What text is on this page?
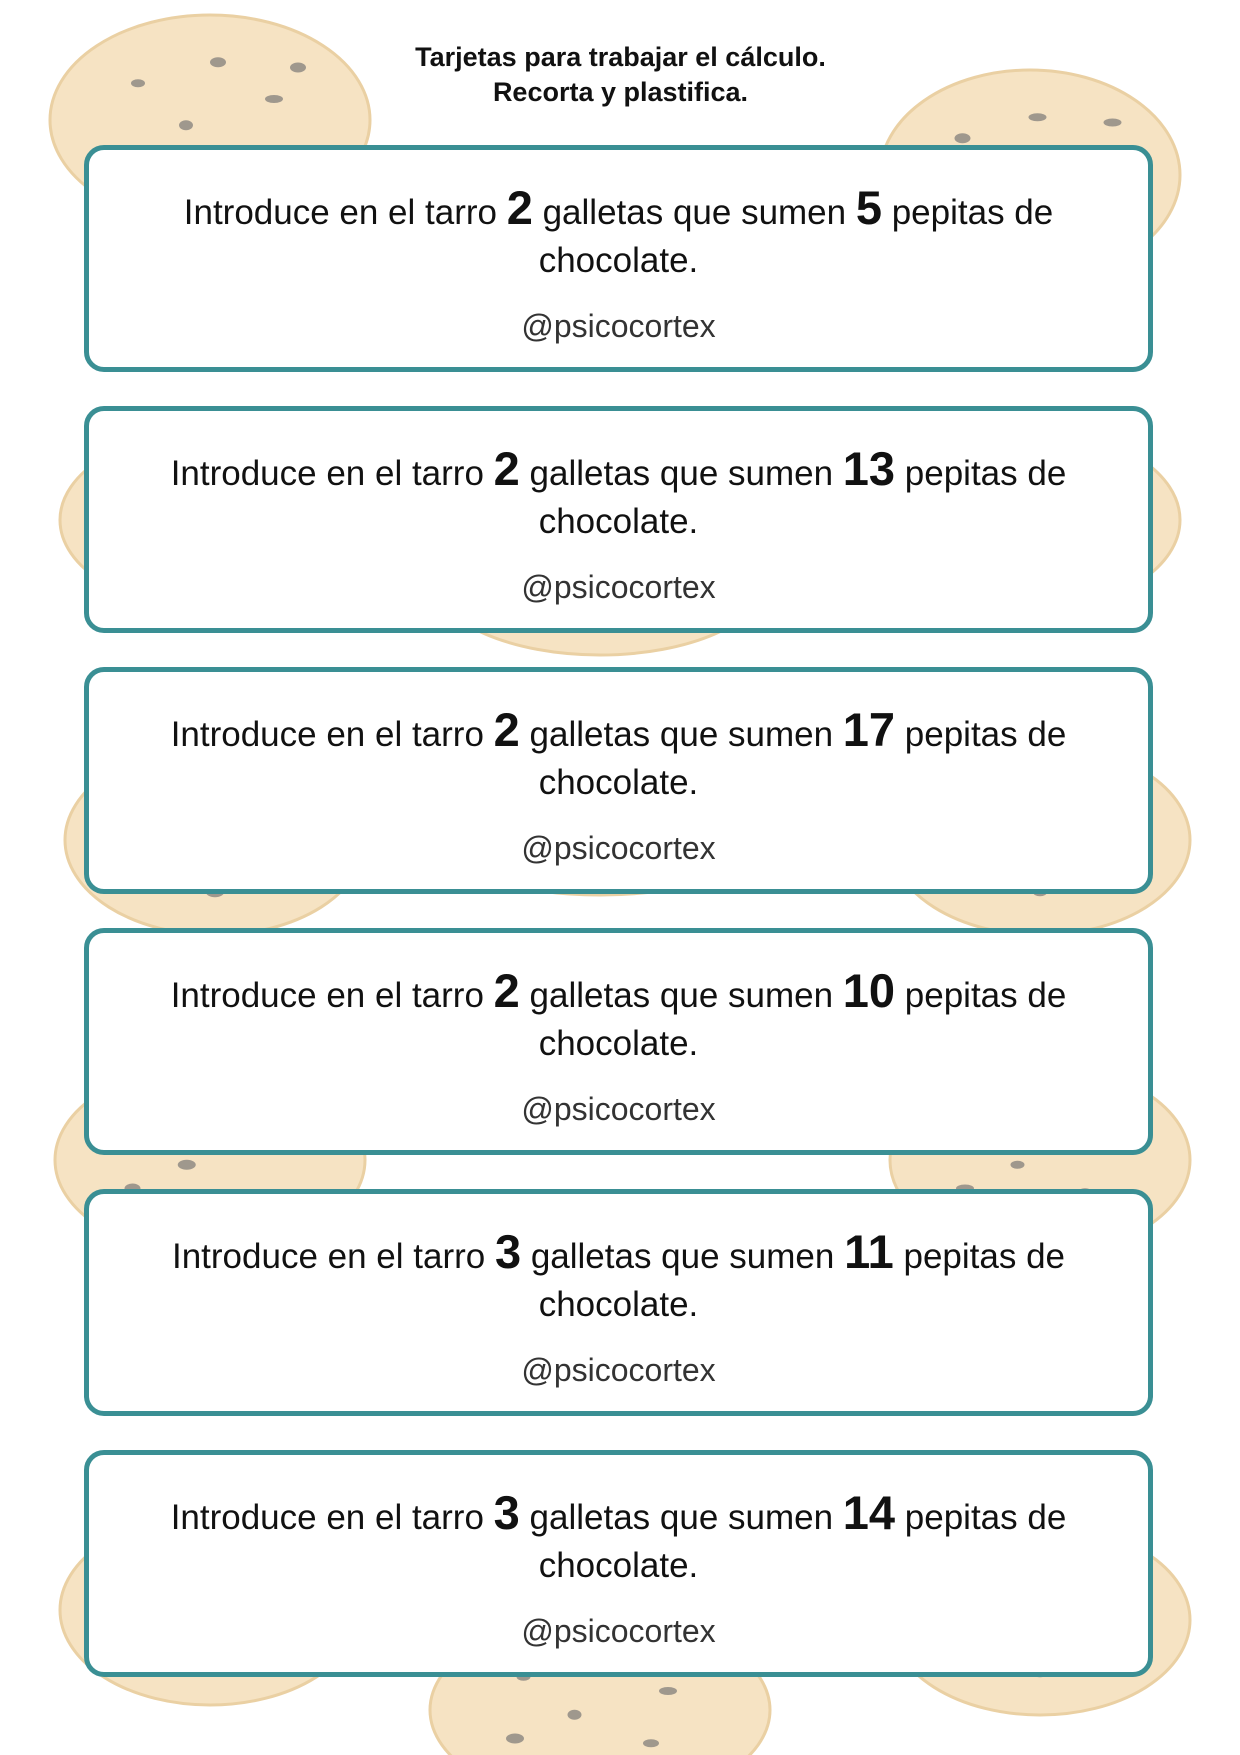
Tarjetas para trabajar el cálculo.
Recorta y plastifica.
Introduce en el tarro 2 galletas que sumen 5 pepitas de chocolate.
@psicocortex
Introduce en el tarro 2 galletas que sumen 13 pepitas de chocolate.
@psicocortex
Introduce en el tarro 2 galletas que sumen 17 pepitas de chocolate.
@psicocortex
Introduce en el tarro 2 galletas que sumen 10 pepitas de chocolate.
@psicocortex
Introduce en el tarro 3 galletas que sumen 11 pepitas de chocolate.
@psicocortex
Introduce en el tarro 3 galletas que sumen 14 pepitas de chocolate.
@psicocortex
